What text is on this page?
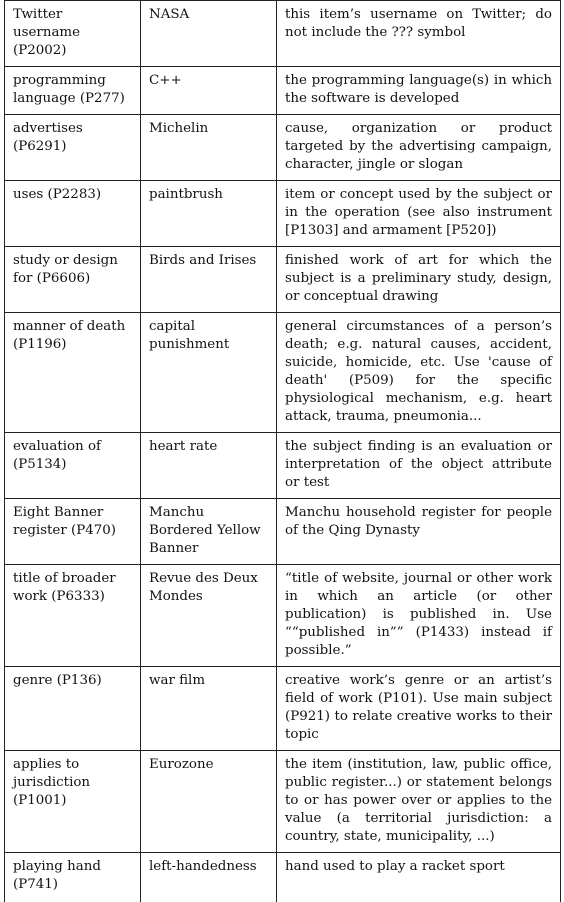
Twitter username (P2002)	NASA	this item’s username on Twitter; do not include the ??? symbol
programming language (P277)	C++	the programming language(s) in which the software is developed
advertises (P6291)	Michelin	cause, organization or product targeted by the advertising campaign, character, jingle or slogan
uses (P2283)	paintbrush	item or concept used by the subject or in the operation (see also instrument [P1303] and armament [P520])
study or design for (P6606)	Birds and Irises	finished work of art for which the subject is a preliminary study, design, or conceptual drawing
manner of death (P1196)	capital punishment	general circumstances of a person’s death; e.g. natural causes, accident, suicide, homicide, etc. Use 'cause of death' (P509) for the specific physiological mechanism, e.g. heart attack, trauma, pneumonia...
evaluation of (P5134)	heart rate	the subject finding is an evaluation or interpretation of the object attribute or test
Eight Banner register (P470)	Manchu Bordered Yellow Banner	Manchu household register for people of the Qing Dynasty
title of broader work (P6333)	Revue des Deux Mondes	“title of website, journal or other work in which an article (or other publication) is published in. Use ““published in”” (P1433) instead if possible.”
genre (P136)	war film	creative work’s genre or an artist’s field of work (P101). Use main subject (P921) to relate creative works to their topic
applies to jurisdiction (P1001)	Eurozone	the item (institution, law, public office, public register...) or statement belongs to or has power over or applies to the value (a territorial jurisdiction: a country, state, municipality, ...)
playing hand (P741)	left-handedness	hand used to play a racket sport
